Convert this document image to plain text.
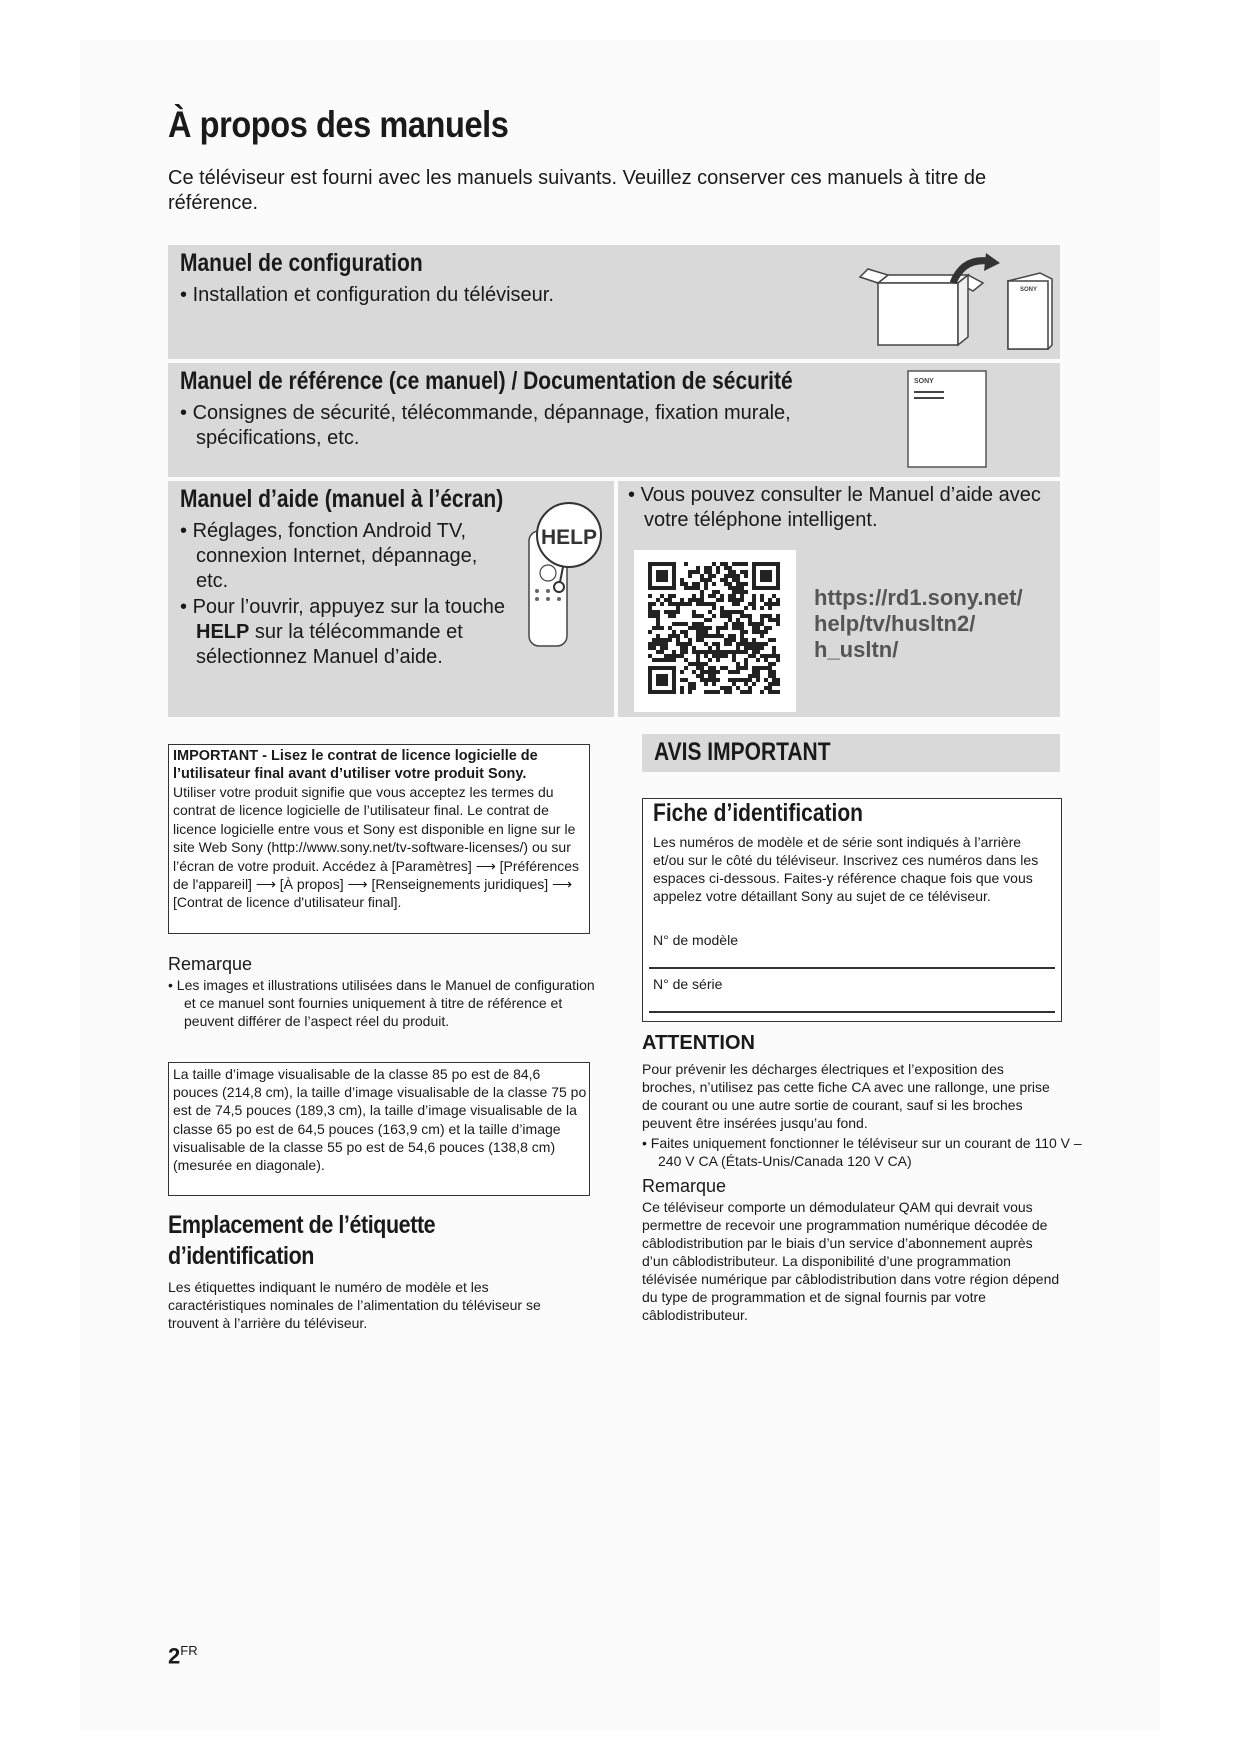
À propos des manuels
Ce téléviseur est fourni avec les manuels suivants. Veuillez conserver ces manuels à titre de référence.
Manuel de configuration
• Installation et configuration du téléviseur.	SONY
Manuel de référence (ce manuel) / Documentation de sécurité
• Consignes de sécurité, télécommande, dépannage, fixation murale, spécifications, etc.
SONY
Manuel d’aide (manuel à l’écran)
• Réglages, fonction Android TV, connexion Internet, dépannage, etc.
• Pour l’ouvrir, appuyez sur la touche HELP sur la télécommande et sélectionnez Manuel d’aide.
HELP
• Vous pouvez consulter le Manuel d’aide avec votre téléphone intelligent.
https://rd1.sony.net/
help/tv/husltn2/
h_usltn/
IMPORTANT - Lisez le contrat de licence logicielle de l’utilisateur final avant d’utiliser votre produit Sony.
Utiliser votre produit signifie que vous acceptez les termes du contrat de licence logicielle de l’utilisateur final. Le contrat de licence logicielle entre vous et Sony est disponible en ligne sur le site Web Sony (http://www.sony.net/tv-software-licenses/) ou sur l’écran de votre produit. Accédez à [Paramètres] ⟶ [Préférences de l'appareil] ⟶ [À propos] ⟶ [Renseignements juridiques] ⟶ [Contrat de licence d'utilisateur final].
Remarque
• Les images et illustrations utilisées dans le Manuel de configuration et ce manuel sont fournies uniquement à titre de référence et peuvent différer de l’aspect réel du produit.
La taille d’image visualisable de la classe 85 po est de 84,6 pouces (214,8 cm), la taille d’image visualisable de la classe 75 po est de 74,5 pouces (189,3 cm), la taille d’image visualisable de la classe 65 po est de 64,5 pouces (163,9 cm) et la taille d’image visualisable de la classe 55 po est de 54,6 pouces (138,8 cm) (mesurée en diagonale).
Emplacement de l’étiquette
d’identification
Les étiquettes indiquant le numéro de modèle et les caractéristiques nominales de l’alimentation du téléviseur se trouvent à l’arrière du téléviseur.
AVIS IMPORTANT
Fiche d’identification
Les numéros de modèle et de série sont indiqués à l’arrière et/ou sur le côté du téléviseur. Inscrivez ces numéros dans les espaces ci-dessous. Faites-y référence chaque fois que vous appelez votre détaillant Sony au sujet de ce téléviseur.
N° de modèle
N° de série
ATTENTION
Pour prévenir les décharges électriques et l’exposition des broches, n’utilisez pas cette fiche CA avec une rallonge, une prise de courant ou une autre sortie de courant, sauf si les broches peuvent être insérées jusqu’au fond.
• Faites uniquement fonctionner le téléviseur sur un courant de 110 V – 240 V CA (États-Unis/Canada 120 V CA)
Remarque
Ce téléviseur comporte un démodulateur QAM qui devrait vous permettre de recevoir une programmation numérique décodée de câblodistribution par le biais d’un service d’abonnement auprès d’un câblodistributeur. La disponibilité d’une programmation télévisée numérique par câblodistribution dans votre région dépend du type de programmation et de signal fournis par votre câblodistributeur.
$2^{FR}$
